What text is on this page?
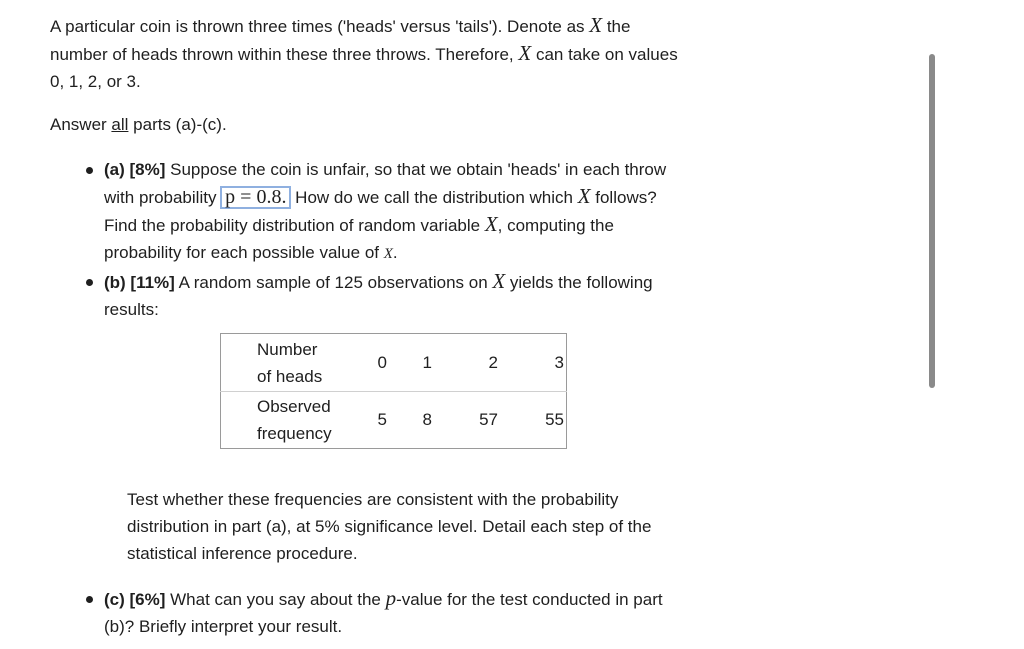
A particular coin is thrown three times ('heads' versus 'tails'). Denote as X the
number of heads thrown within these three throws. Therefore, X can take on values
0, 1, 2, or 3.

Answer all parts (a)-(c).
(a) [8%] Suppose the coin is unfair, so that we obtain 'heads' in each throw
with probability p = 0.8. How do we call the distribution which X follows?
Find the probability distribution of random variable X, computing the
probability for each possible value of X.
(b) [11%] A random sample of 125 observations on X yields the following
results:
Number
of heads	0	1	2	3
Observed
frequency	5	8	57	55

Test whether these frequencies are consistent with the probability
distribution in part (a), at 5% significance level. Detail each step of the
statistical inference procedure.

(c) [6%] What can you say about the p-value for the test conducted in part
(b)? Briefly interpret your result.
